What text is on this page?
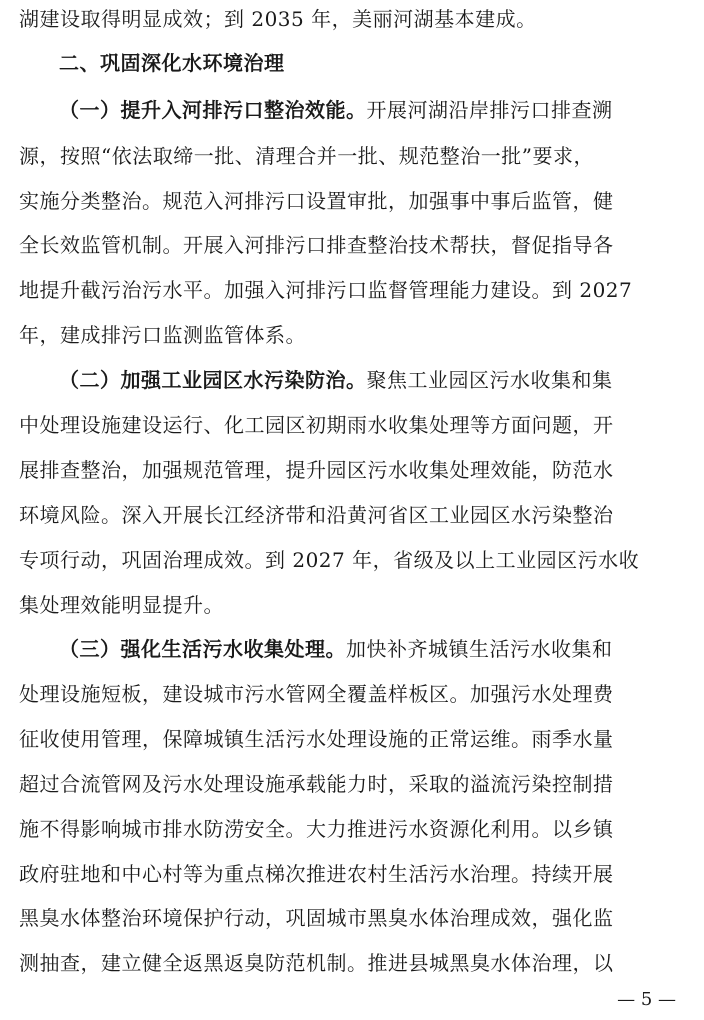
湖建设取得明显成效；到 2035 年，美丽河湖基本建成。
二、巩固深化水环境治理
（一）提升入河排污口整治效能。开展河湖沿岸排污口排查溯
源，按照“依法取缔一批、清理合并一批、规范整治一批”要求，
实施分类整治。规范入河排污口设置审批，加强事中事后监管，健
全长效监管机制。开展入河排污口排查整治技术帮扶，督促指导各
地提升截污治污水平。加强入河排污口监督管理能力建设。到 2027
年，建成排污口监测监管体系。
（二）加强工业园区水污染防治。聚焦工业园区污水收集和集
中处理设施建设运行、化工园区初期雨水收集处理等方面问题，开
展排查整治，加强规范管理，提升园区污水收集处理效能，防范水
环境风险。深入开展长江经济带和沿黄河省区工业园区水污染整治
专项行动，巩固治理成效。到 2027 年，省级及以上工业园区污水收
集处理效能明显提升。
（三）强化生活污水收集处理。加快补齐城镇生活污水收集和
处理设施短板，建设城市污水管网全覆盖样板区。加强污水处理费
征收使用管理，保障城镇生活污水处理设施的正常运维。雨季水量
超过合流管网及污水处理设施承载能力时，采取的溢流污染控制措
施不得影响城市排水防涝安全。大力推进污水资源化利用。以乡镇
政府驻地和中心村等为重点梯次推进农村生活污水治理。持续开展
黑臭水体整治环境保护行动，巩固城市黑臭水体治理成效，强化监
测抽查，建立健全返黑返臭防范机制。推进县城黑臭水体治理，以
— 5 —
